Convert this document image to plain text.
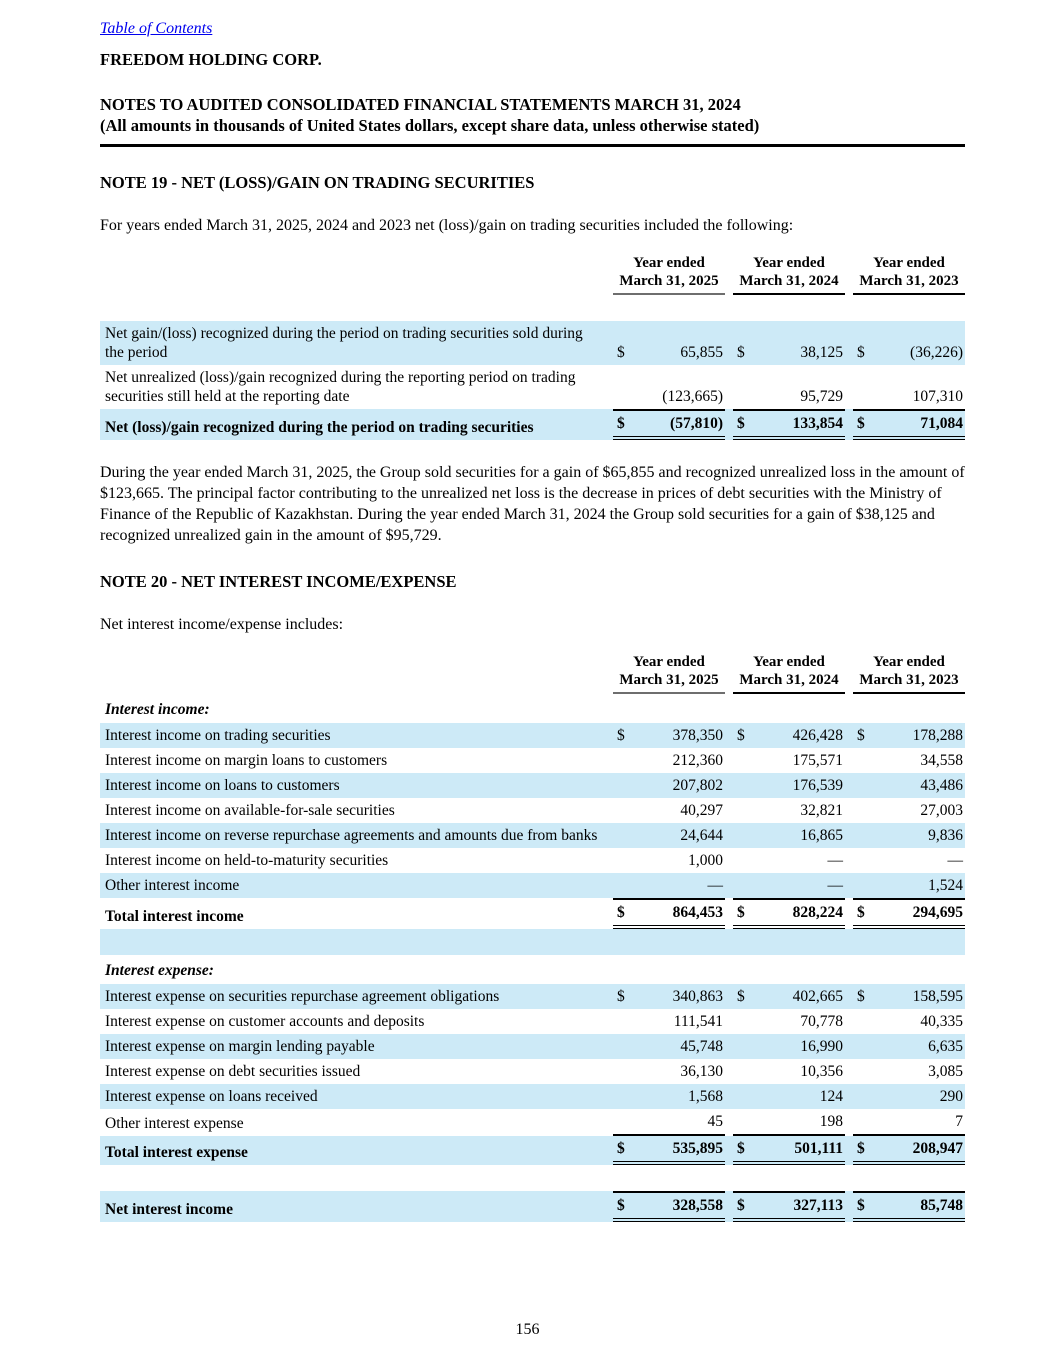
Table of Contents
FREEDOM HOLDING CORP.
NOTES TO AUDITED CONSOLIDATED FINANCIAL STATEMENTS MARCH 31, 2024
(All amounts in thousands of United States dollars, except share data, unless otherwise stated)
NOTE 19 - NET (LOSS)/GAIN ON TRADING SECURITIES

For years ended March 31, 2025, 2024 and 2023 net (loss)/gain on trading securities included the following:

Year ended
March 31, 2025
Year ended
March 31, 2024
Year ended
March 31, 2023
Net gain/(loss) recognized during the period on trading securities sold during the period	$	65,855 $	38,125 $	(36,226)
Net unrealized (loss)/gain recognized during the reporting period on trading securities still held at the reporting date	(123,665)	95,729	107,310
Net (loss)/gain recognized during the period on trading securities	$	(57,810) $	133,854 $	71,084

During the year ended March 31, 2025, the Group sold securities for a gain of $65,855 and recognized unrealized loss in the amount of $123,665. The principal factor contributing to the unrealized net loss is the decrease in prices of debt securities with the Ministry of Finance of the Republic of Kazakhstan. During the year ended March 31, 2024 the Group sold securities for a gain of $38,125 and recognized unrealized gain in the amount of $95,729.

NOTE 20 - NET INTEREST INCOME/EXPENSE

Net interest income/expense includes:

Year ended
March 31, 2025
Year ended
March 31, 2024
Year ended
March 31, 2023
Interest income:
Interest income on trading securities	$	378,350 $	426,428 $	178,288
Interest income on margin loans to customers	212,360	175,571	34,558
Interest income on loans to customers	207,802	176,539	43,486
Interest income on available-for-sale securities	40,297	32,821	27,003
Interest income on reverse repurchase agreements and amounts due from banks	24,644	16,865	9,836
Interest income on held-to-maturity securities	1,000	—	—
Other interest income	—	—	1,524
Total interest income	$	864,453 $	828,224 $	294,695
Interest expense:
Interest expense on securities repurchase agreement obligations	$	340,863 $	402,665 $	158,595
Interest expense on customer accounts and deposits	111,541	70,778	40,335
Interest expense on margin lending payable	45,748	16,990	6,635
Interest expense on debt securities issued	36,130	10,356	3,085
Interest expense on loans received	1,568	124	290
Other interest expense	45	198	7
Total interest expense	$	535,895 $	501,111 $	208,947
Net interest income	$	328,558 $	327,113 $	85,748
156
